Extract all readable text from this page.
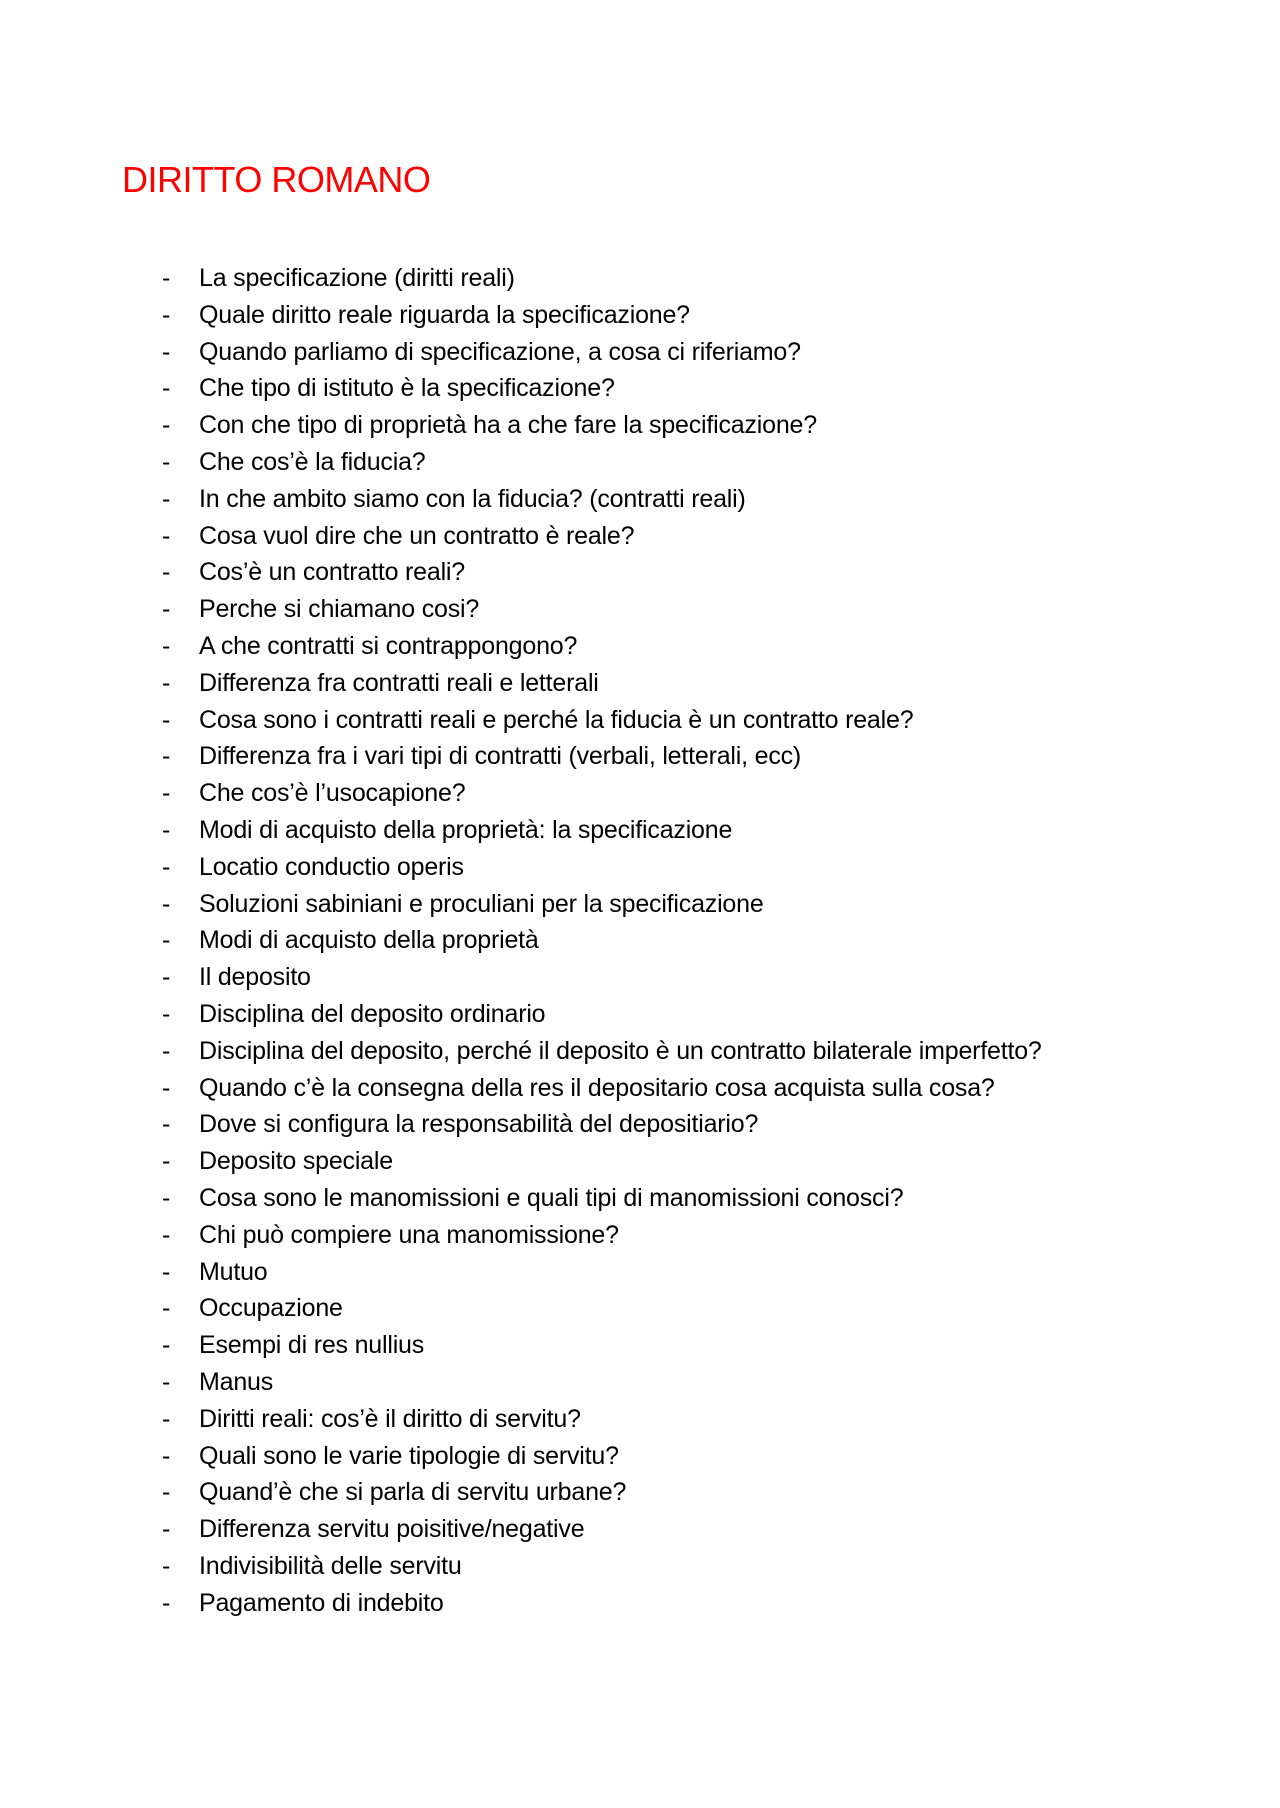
DIRITTO ROMANO
-	La specificazione (diritti reali)
-	Quale diritto reale riguarda la specificazione?
-	Quando parliamo di specificazione, a cosa ci riferiamo?
-	Che tipo di istituto è la specificazione?
-	Con che tipo di proprietà ha a che fare la specificazione?
-	Che cos’è la fiducia?
-	In che ambito siamo con la fiducia? (contratti reali)
-	Cosa vuol dire che un contratto è reale?
-	Cos’è un contratto reali?
-	Perche si chiamano cosi?
-	A che contratti si contrappongono?
-	Differenza fra contratti reali e letterali
-	Cosa sono i contratti reali e perché la fiducia è un contratto reale?
-	Differenza fra i vari tipi di contratti (verbali, letterali, ecc)
-	Che cos’è l’usocapione?
-	Modi di acquisto della proprietà: la specificazione
-	Locatio conductio operis
-	Soluzioni sabiniani e proculiani per la specificazione
-	Modi di acquisto della proprietà
-	Il deposito
-	Disciplina del deposito ordinario
-	Disciplina del deposito, perché il deposito è un contratto bilaterale imperfetto?
-	Quando c’è la consegna della res il depositario cosa acquista sulla cosa?
-	Dove si configura la responsabilità del depositiario?
-	Deposito speciale
-	Cosa sono le manomissioni e quali tipi di manomissioni conosci?
-	Chi può compiere una manomissione?
-	Mutuo
-	Occupazione
-	Esempi di res nullius
-	Manus
-	Diritti reali: cos’è il diritto di servitu?
-	Quali sono le varie tipologie di servitu?
-	Quand’è che si parla di servitu urbane?
-	Differenza servitu poisitive/negative
-	Indivisibilità delle servitu
-	Pagamento di indebito
